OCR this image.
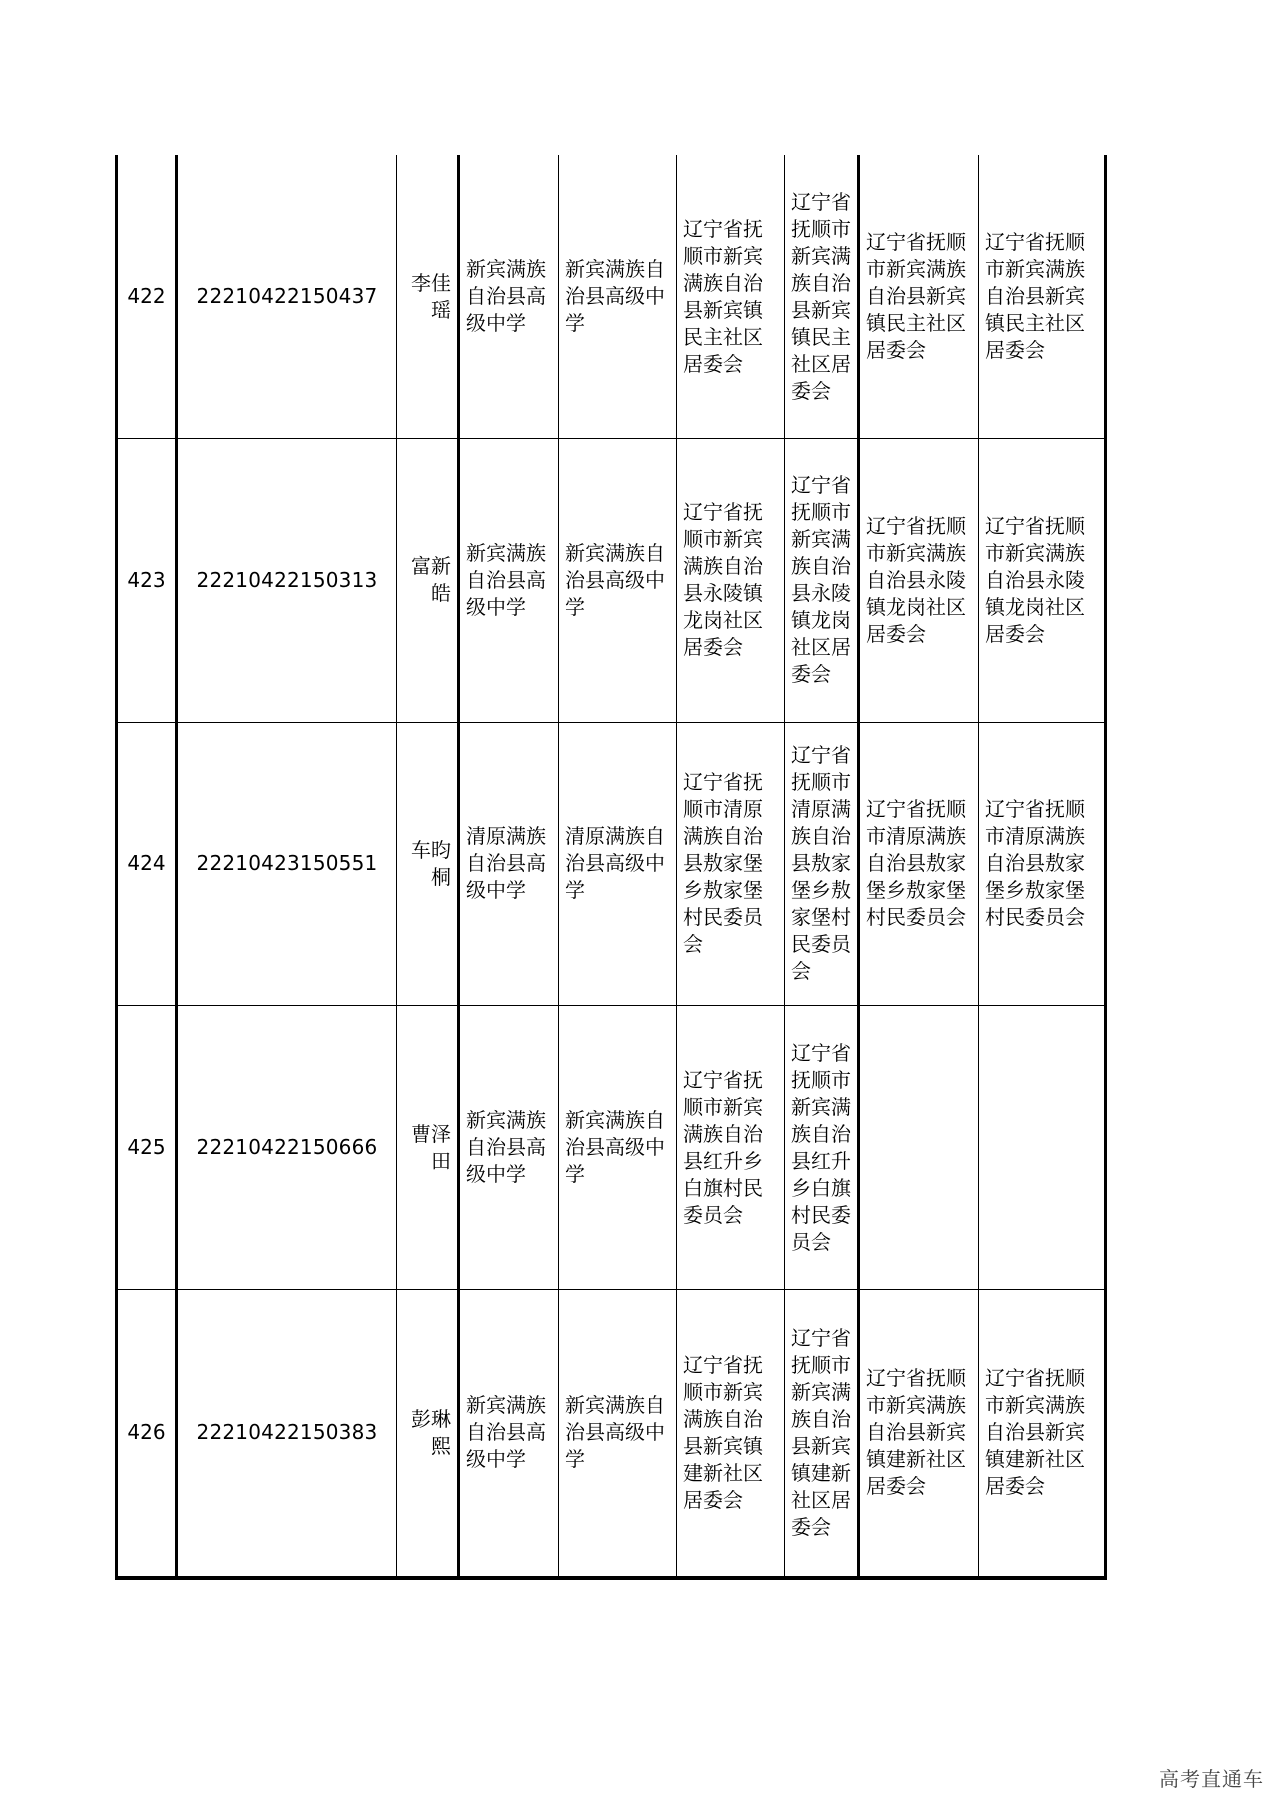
422	22210422150437	李佳瑶	新宾满族自治县高级中学	新宾满族自治县高级中学	辽宁省抚顺市新宾满族自治县新宾镇民主社区居委会	辽宁省抚顺市新宾满族自治县新宾镇民主社区居委会	辽宁省抚顺市新宾满族自治县新宾镇民主社区居委会	辽宁省抚顺市新宾满族自治县新宾镇民主社区居委会
423	22210422150313	富新皓	新宾满族自治县高级中学	新宾满族自治县高级中学	辽宁省抚顺市新宾满族自治县永陵镇龙岗社区居委会	辽宁省抚顺市新宾满族自治县永陵镇龙岗社区居委会	辽宁省抚顺市新宾满族自治县永陵镇龙岗社区居委会	辽宁省抚顺市新宾满族自治县永陵镇龙岗社区居委会
424	22210423150551	车昀桐	清原满族自治县高级中学	清原满族自治县高级中学	辽宁省抚顺市清原满族自治县敖家堡乡敖家堡村民委员会	辽宁省抚顺市清原满族自治县敖家堡乡敖家堡村民委员会	辽宁省抚顺市清原满族自治县敖家堡乡敖家堡村民委员会	辽宁省抚顺市清原满族自治县敖家堡乡敖家堡村民委员会
425	22210422150666	曹泽田	新宾满族自治县高级中学	新宾满族自治县高级中学	辽宁省抚顺市新宾满族自治县红升乡白旗村民委员会	辽宁省抚顺市新宾满族自治县红升乡白旗村民委员会		
426	22210422150383	彭琳熙	新宾满族自治县高级中学	新宾满族自治县高级中学	辽宁省抚顺市新宾满族自治县新宾镇建新社区居委会	辽宁省抚顺市新宾满族自治县新宾镇建新社区居委会	辽宁省抚顺市新宾满族自治县新宾镇建新社区居委会	辽宁省抚顺市新宾满族自治县新宾镇建新社区居委会
高考直通车
